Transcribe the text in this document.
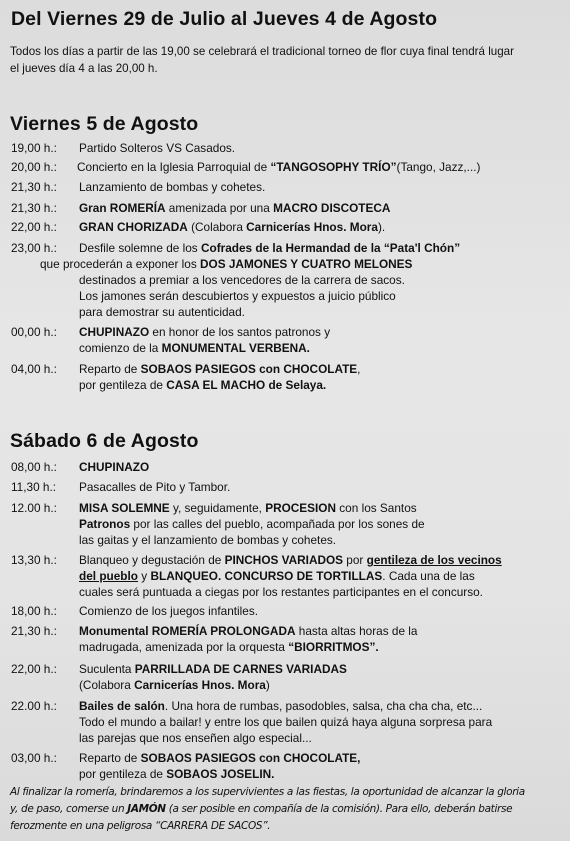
Del Viernes 29 de Julio al Jueves 4 de Agosto
Todos los días a partir de las 19,00 se celebrará el tradicional torneo de flor cuya final tendrá lugar
el jueves día 4 a las 20,00 h.
Viernes 5 de Agosto
19,00 h.: Partido Solteros VS Casados.
20,00 h.: Concierto en la Iglesia Parroquial de “TANGOSOPHY TRÍO”(Tango, Jazz,...)
21,30 h.: Lanzamiento de bombas y cohetes.
21,30 h.: Gran ROMERÍA amenizada por una MACRO DISCOTECA
22,00 h.: GRAN CHORIZADA (Colabora Carnicerías Hnos. Mora).
23,00 h.: Desfile solemne de los Cofrades de la Hermandad de la “Pata'l Chón”
que procederán a exponer los DOS JAMONES Y CUATRO MELONES
destinados a premiar a los vencedores de la carrera de sacos.
Los jamones serán descubiertos y expuestos a juicio público
para demostrar su autenticidad.
00,00 h.: CHUPINAZO en honor de los santos patronos y
comienzo de la MONUMENTAL VERBENA.
04,00 h.: Reparto de SOBAOS PASIEGOS con CHOCOLATE,
por gentileza de CASA EL MACHO de Selaya.
Sábado 6 de Agosto
08,00 h.: CHUPINAZO
11,30 h.: Pasacalles de Pito y Tambor.
12.00 h.: MISA SOLEMNE y, seguidamente, PROCESION con los Santos
Patronos por las calles del pueblo, acompañada por los sones de
las gaitas y el lanzamiento de bombas y cohetes.
13,30 h.: Blanqueo y degustación de PINCHOS VARIADOS por gentileza de los vecinos
del pueblo y BLANQUEO. CONCURSO DE TORTILLAS. Cada una de las
cuales será puntuada a ciegas por los restantes participantes en el concurso.
18,00 h.: Comienzo de los juegos infantiles.
21,30 h.: Monumental ROMERÍA PROLONGADA hasta altas horas de la
madrugada, amenizada por la orquesta “BIORRITMOS”.
22,00 h.: Suculenta PARRILLADA DE CARNES VARIADAS
(Colabora Carnicerías Hnos. Mora)
22.00 h.: Bailes de salón. Una hora de rumbas, pasodobles, salsa, cha cha cha, etc...
Todo el mundo a bailar! y entre los que bailen quizá haya alguna sorpresa para
las parejas que nos enseñen algo especial...
03,00 h.: Reparto de SOBAOS PASIEGOS con CHOCOLATE,
por gentileza de SOBAOS JOSELIN.
Al finalizar la romería, brindaremos a los supervivientes a las fiestas, la oportunidad de alcanzar la gloria
y, de paso, comerse un JAMÓN (a ser posible en compañía de la comisión). Para ello, deberán batirse
ferozmente en una peligrosa “CARRERA DE SACOS”.
